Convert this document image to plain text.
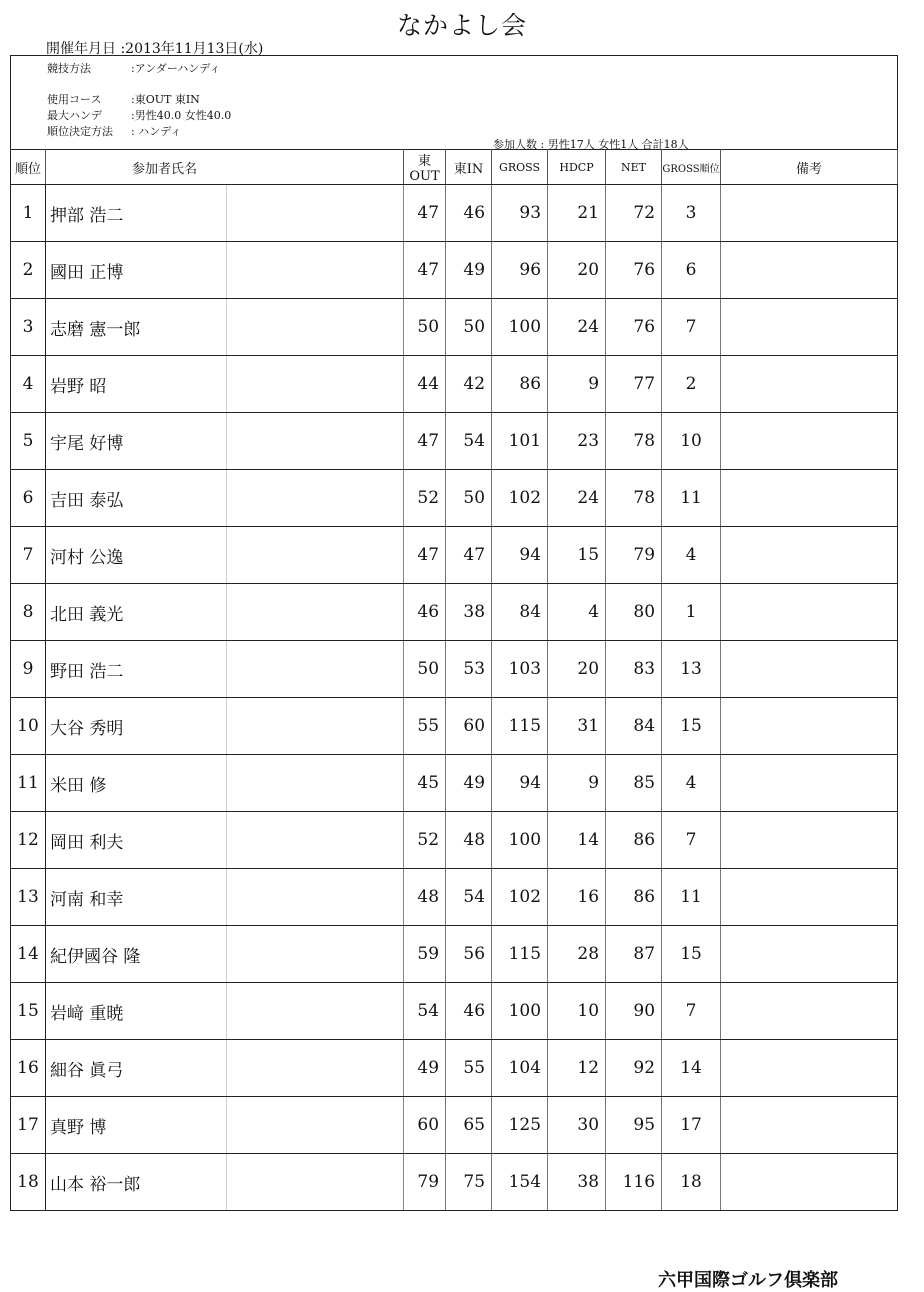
なかよし会
開催年月日 :2013年11月13日(水)
競技方法	:アンダーハンディ
使用コース	:東OUT 東IN
最大ハンデ	:男性40.0 女性40.0
順位決定方法	: ハンディ
参加人数 : 男性17人 女性1人 合計18人
順位	参加者氏名		東OUT	東IN	GROSS	HDCP	NET	GROSS順位	備考
1	押部 浩二		47	46	93	21	72	3	
2	國田 正博		47	49	96	20	76	6	
3	志磨 憲一郎		50	50	100	24	76	7	
4	岩野 昭		44	42	86	9	77	2	
5	宇尾 好博		47	54	101	23	78	10	
6	吉田 泰弘		52	50	102	24	78	11	
7	河村 公逸		47	47	94	15	79	4	
8	北田 義光		46	38	84	4	80	1	
9	野田 浩二		50	53	103	20	83	13	
10	大谷 秀明		55	60	115	31	84	15	
11	米田 修		45	49	94	9	85	4	
12	岡田 利夫		52	48	100	14	86	7	
13	河南 和幸		48	54	102	16	86	11	
14	紀伊國谷 隆		59	56	115	28	87	15	
15	岩﨑 重暁		54	46	100	10	90	7	
16	細谷 眞弓		49	55	104	12	92	14	
17	真野 博		60	65	125	30	95	17	
18	山本 裕一郎		79	75	154	38	116	18	
六甲国際ゴルフ倶楽部
